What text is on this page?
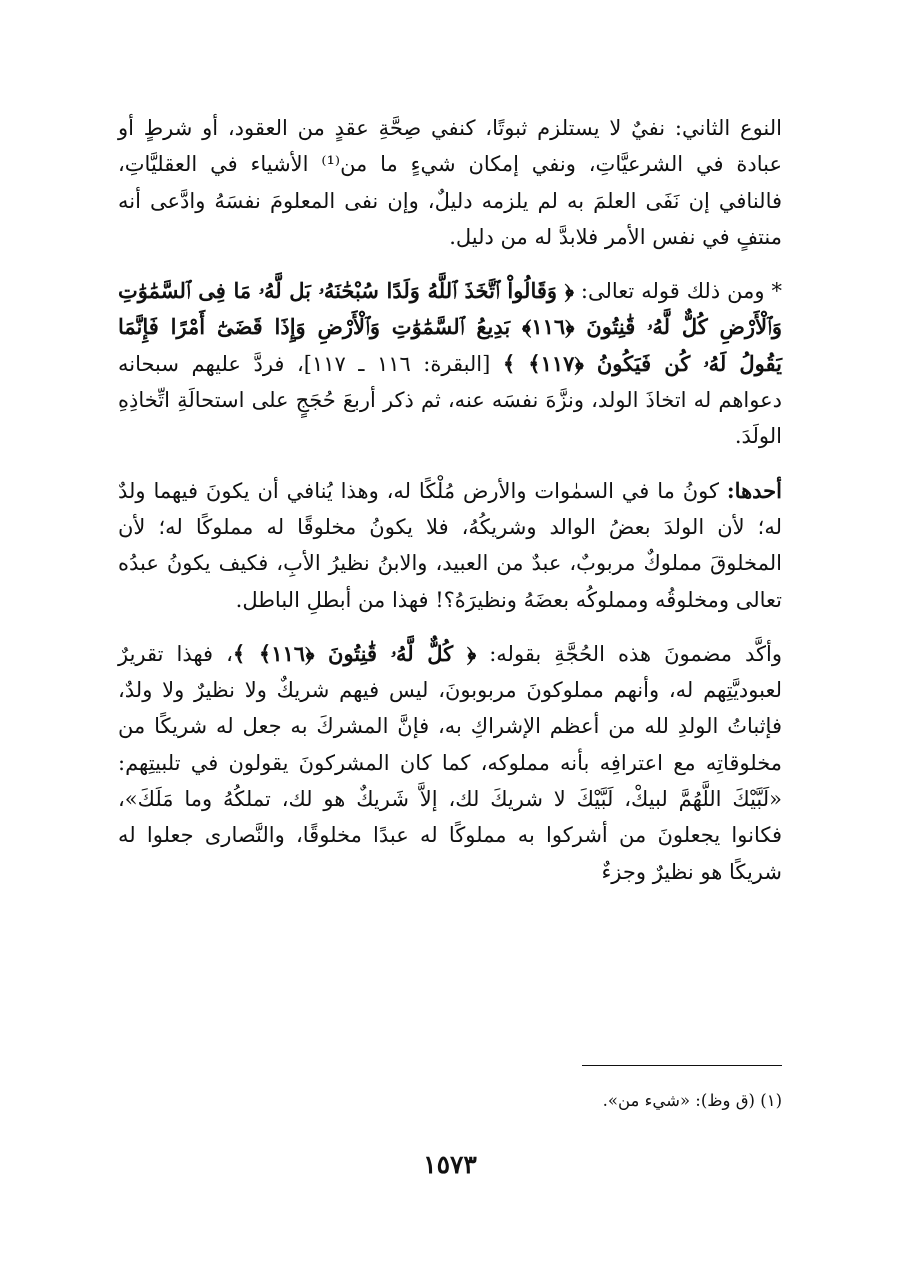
النوع الثاني: نفيٌ لا يستلزم ثبوتًا، كنفي صِحَّةِ عقدٍ من العقود، أو شرطٍ أو عبادة في الشرعيَّاتِ، ونفي إمكان شيءٍ ما من⁽¹⁾ الأشياء في العقليَّاتِ، فالنافي إن نَفَى العلمَ به لم يلزمه دليلٌ، وإن نفى المعلومَ نفسَهُ وادَّعى أنه منتفٍ في نفس الأمر فلابدَّ له من دليل.

* ومن ذلك قوله تعالى: ﴿ وَقَالُواْ ٱتَّخَذَ ٱللَّهُ وَلَدًا سُبْحَٰنَهُۥ بَل لَّهُۥ مَا فِى ٱلسَّمَٰوَٰتِ وَٱلْأَرْضِ كُلٌّ لَّهُۥ قَٰنِتُونَ ﴿١١٦﴾ بَدِيعُ ٱلسَّمَٰوَٰتِ وَٱلْأَرْضِ وَإِذَا قَضَىٰٓ أَمْرًا فَإِنَّمَا يَقُولُ لَهُۥ كُن فَيَكُونُ ﴿١١٧﴾ ﴾ [البقرة: ١١٦ ـ ١١٧]، فردَّ عليهم سبحانه دعواهم له اتخاذَ الولد، ونزَّهَ نفسَه عنه، ثم ذكر أربعَ حُجَجٍ على استحالَةِ اتِّخاذِهِ الولَدَ.

أحدها: كونُ ما في السمٰوات والأرض مُلْكًا له، وهذا يُنافي أن يكونَ فيهما ولدٌ له؛ لأن الولدَ بعضُ الوالد وشريكُهُ، فلا يكونُ مخلوقًا له مملوكًا له؛ لأن المخلوقَ مملوكٌ مربوبٌ، عبدٌ من العبيد، والابنُ نظيرُ الأبِ، فكيف يكونُ عبدُه تعالى ومخلوقُه ومملوكُه بعضَهُ ونظيرَهُ؟! فهذا من أبطلِ الباطل.

وأكَّد مضمونَ هذه الحُجَّةِ بقوله: ﴿ كُلٌّ لَّهُۥ قَٰنِتُونَ ﴿١١٦﴾ ﴾، فهذا تقريرٌ لعبوديَّتِهم له، وأنهم مملوكونَ مربوبونَ، ليس فيهم شريكٌ ولا نظيرٌ ولا ولدٌ، فإثباتُ الولدِ لله من أعظم الإشراكِ به، فإنَّ المشركَ به جعل له شريكًا من مخلوقاتِه مع اعترافِه بأنه مملوكه، كما كان المشركونَ يقولون في تلبيتِهم: «لَبَّيْكَ اللَّهُمَّ لبيكْ، لَبَّيْكَ لا شريكَ لك، إلاَّ شَريكٌ هو لك، تملكُهُ وما مَلَكَ»، فكانوا يجعلونَ من أشركوا به مملوكًا له عبدًا مخلوقًا، والنَّصارى جعلوا له شريكًا هو نظيرٌ وجزءٌ

(١) (ق وظ): «شيء من».
١٥٧٣
